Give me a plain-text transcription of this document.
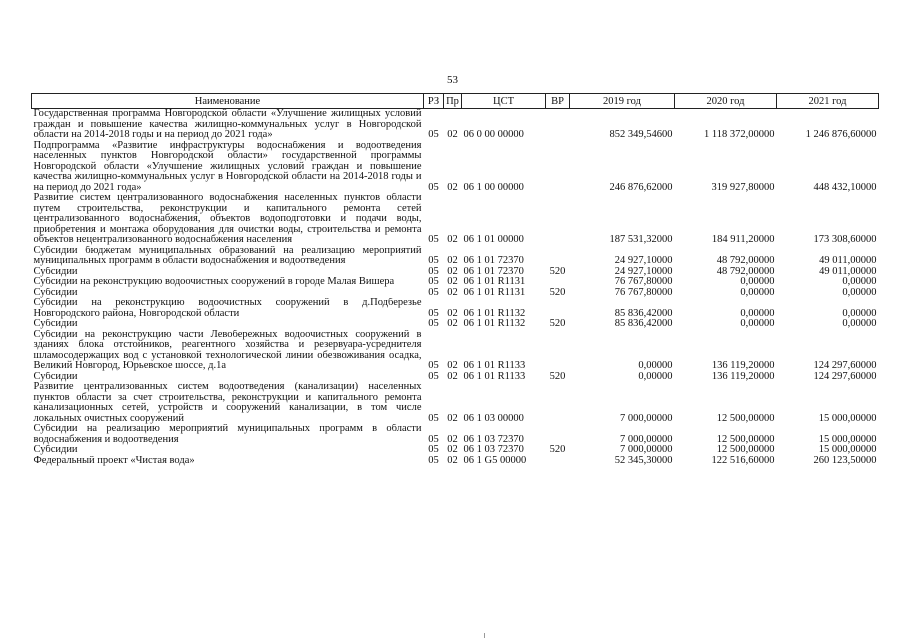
53
Наименование	РЗ	Пр	ЦСТ	ВР	2019 год	2020 год	2021 год
Государственная программа Новгородской области «Улучшение жилищных условий граждан и повышение качества жилищно-коммунальных услуг в Новгородской области на 2014-2018 годы и на период до 2021 года»	05	02	06 0 00 00000		852 349,54600	1 118 372,00000	1 246 876,60000
Подпрограмма «Развитие инфраструктуры водоснабжения и водоотведения населенных пунктов Новгородской области» государственной программы Новгородской области «Улучшение жилищных условий граждан и повышение качества жилищно-коммунальных услуг в Новгородской области на 2014-2018 годы и на период до 2021 года»	05	02	06 1 00 00000		246 876,62000	319 927,80000	448 432,10000
Развитие систем централизованного водоснабжения населенных пунктов области путем строительства, реконструкции и капитального ремонта сетей централизованного водоснабжения, объектов водоподготовки и подачи воды, приобретения и монтажа оборудования для очистки воды, строительства и ремонта объектов нецентрализованного водоснабжения населения	05	02	06 1 01 00000		187 531,32000	184 911,20000	173 308,60000
Субсидии бюджетам муниципальных образований на реализацию мероприятий муниципальных программ в области водоснабжения и водоотведения	05	02	06 1 01 72370		24 927,10000	48 792,00000	49 011,00000
Субсидии	05	02	06 1 01 72370	520	24 927,10000	48 792,00000	49 011,00000
Субсидии на реконструкцию водоочистных сооружений в городе Малая Вишера	05	02	06 1 01 R1131		76 767,80000	0,00000	0,00000
Субсидии	05	02	06 1 01 R1131	520	76 767,80000	0,00000	0,00000
Субсидии на реконструкцию водоочистных сооружений в д.Подберезье Новгородского района, Новгородской области	05	02	06 1 01 R1132		85 836,42000	0,00000	0,00000
Субсидии	05	02	06 1 01 R1132	520	85 836,42000	0,00000	0,00000
Субсидии на реконструкцию части Левобережных водоочистных сооружений в зданиях блока отстойников, реагентного хозяйства и резервуара-усреднителя шламосодержащих вод с установкой технологической линии обезвоживания осадка, Великий Новгород, Юрьевское шоссе, д.1а	05	02	06 1 01 R1133		0,00000	136 119,20000	124 297,60000
Субсидии	05	02	06 1 01 R1133	520	0,00000	136 119,20000	124 297,60000
Развитие централизованных систем водоотведения (канализации) населенных пунктов области за счет строительства, реконструкции и капитального ремонта канализационных сетей, устройств и сооружений канализации, в том числе локальных очистных сооружений	05	02	06 1 03 00000		7 000,00000	12 500,00000	15 000,00000
Субсидии на реализацию мероприятий муниципальных программ в области водоснабжения и водоотведения	05	02	06 1 03 72370		7 000,00000	12 500,00000	15 000,00000
Субсидии	05	02	06 1 03 72370	520	7 000,00000	12 500,00000	15 000,00000
Федеральный проект «Чистая вода»	05	02	06 1 G5 00000		52 345,30000	122 516,60000	260 123,50000
